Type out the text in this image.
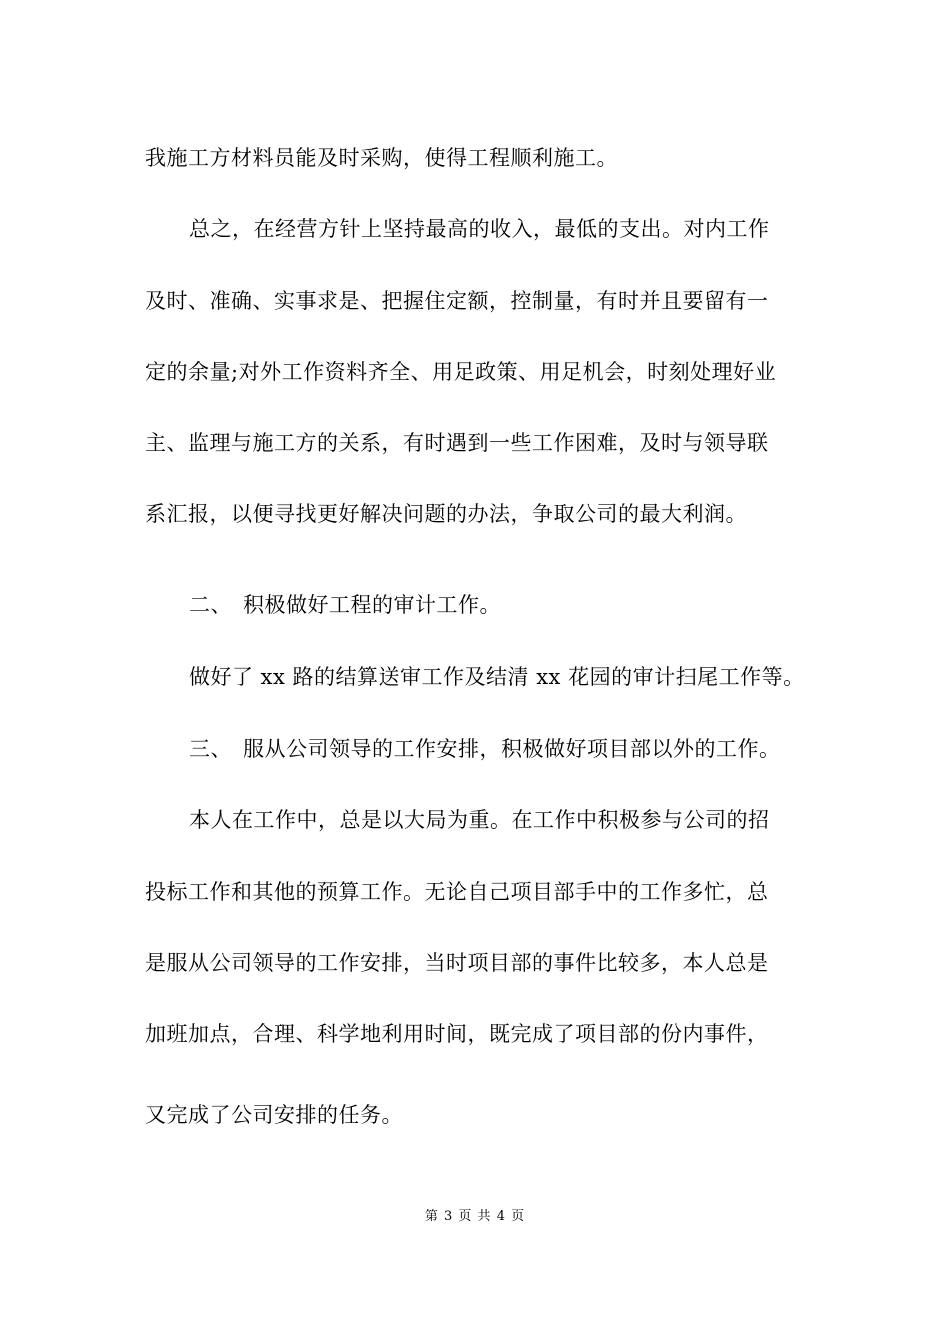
我施工方材料员能及时采购，使得工程顺利施工。
总之，在经营方针上坚持最高的收入，最低的支出。对内工作
及时、准确、实事求是、把握住定额，控制量，有时并且要留有一
定的余量;对外工作资料齐全、用足政策、用足机会，时刻处理好业
主、监理与施工方的关系，有时遇到一些工作困难，及时与领导联
系汇报，以便寻找更好解决问题的办法，争取公司的最大利润。
二、　积极做好工程的审计工作。
做好了 xx 路的结算送审工作及结清 xx 花园的审计扫尾工作等。
三、　服从公司领导的工作安排，积极做好项目部以外的工作。
本人在工作中，总是以大局为重。在工作中积极参与公司的招
投标工作和其他的预算工作。无论自己项目部手中的工作多忙，总
是服从公司领导的工作安排，当时项目部的事件比较多，本人总是
加班加点，合理、科学地利用时间，既完成了项目部的份内事件，
又完成了公司安排的任务。
第 3 页 共 4 页
